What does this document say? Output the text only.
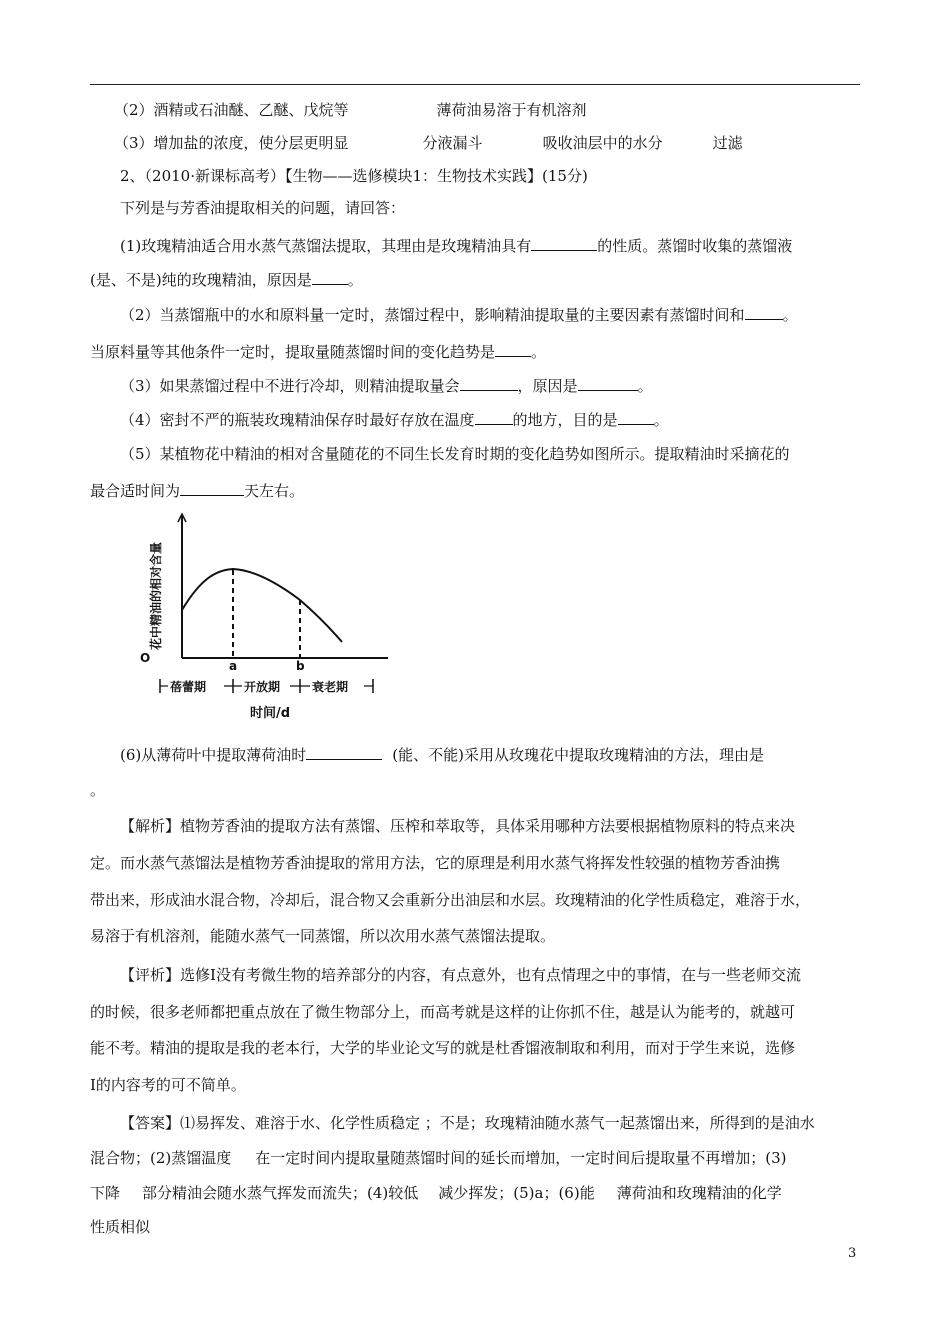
（2）酒精或石油醚、乙醚、戊烷等	薄荷油易溶于有机溶剂
（3）增加盐的浓度，使分层更明显	分液漏斗	吸收油层中的水分	过滤
2、（2010·新课标高考）【生物——选修模块1：生物技术实践】(15分)
下列是与芳香油提取相关的问题，请回答：
(1)玫瑰精油适合用水蒸气蒸馏法提取，其理由是玫瑰精油具有	的性质。蒸馏时收集的蒸馏液
(是、不是)纯的玫瑰精油，原因是 。
（2）当蒸馏瓶中的水和原料量一定时，蒸馏过程中，影响精油提取量的主要因素有蒸馏时间和	。
当原料量等其他条件一定时，提取量随蒸馏时间的变化趋势是 。
（3）如果蒸馏过程中不进行冷却，则精油提取量会	，原因是	。
（4）密封不严的瓶装玫瑰精油保存时最好存放在温度	的地方，目的是 。
（5）某植物花中精油的相对含量随花的不同生长发育时期的变化趋势如图所示。提取精油时采摘花的
最合适时间为	天左右。
O
a	b
花中精油的相对含量
蓓蕾期	开放期	衰老期
时间/d
(6)从薄荷叶中提取薄荷油时	(能、不能)采用从玫瑰花中提取玫瑰精油的方法，理由是
。
【解析】植物芳香油的提取方法有蒸馏、压榨和萃取等，具体采用哪种方法要根据植物原料的特点来决
定。而水蒸气蒸馏法是植物芳香油提取的常用方法，它的原理是利用水蒸气将挥发性较强的植物芳香油携
带出来，形成油水混合物，冷却后，混合物又会重新分出油层和水层。玫瑰精油的化学性质稳定，难溶于水，
易溶于有机溶剂，能随水蒸气一同蒸馏，所以次用水蒸气蒸馏法提取。
【评析】选修Ⅰ没有考微生物的培养部分的内容，有点意外，也有点情理之中的事情，在与一些老师交流
的时候，很多老师都把重点放在了微生物部分上，而高考就是这样的让你抓不住，越是认为能考的，就越可
能不考。精油的提取是我的老本行，大学的毕业论文写的就是杜香馏液制取和利用，而对于学生来说，选修
Ⅰ的内容考的可不简单。
【答案】⑴易挥发、难溶于水、化学性质稳定 ；不是；玫瑰精油随水蒸气一起蒸馏出来，所得到的是油水
混合物；(2)蒸馏温度 在一定时间内提取量随蒸馏时间的延长而增加，一定时间后提取量不再增加；(3)
下降 部分精油会随水蒸气挥发而流失；(4)较低 减少挥发；(5)a；(6)能 薄荷油和玫瑰精油的化学
性质相似
3
